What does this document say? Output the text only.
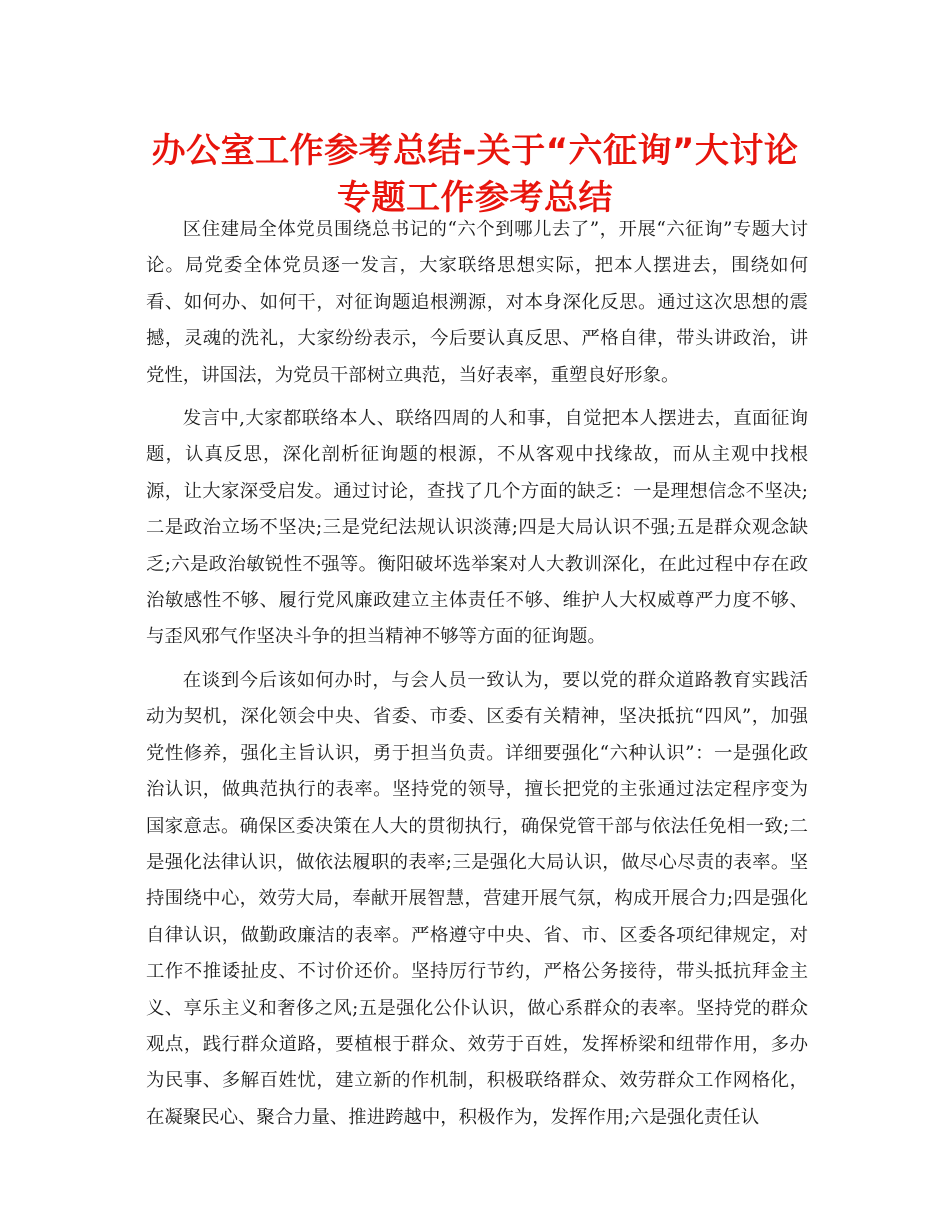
办公室工作参考总结-关于“六征询”大讨论专题工作参考总结

区住建局全体党员围绕总书记的“六个到哪儿去了”，开展“六征询”专题大讨论。局党委全体党员逐一发言，大家联络思想实际，把本人摆进去，围绕如何看、如何办、如何干，对征询题追根溯源，对本身深化反思。通过这次思想的震撼，灵魂的洗礼，大家纷纷表示，今后要认真反思、严格自律，带头讲政治，讲党性，讲国法，为党员干部树立典范，当好表率，重塑良好形象。

发言中,大家都联络本人、联络四周的人和事，自觉把本人摆进去，直面征询题，认真反思，深化剖析征询题的根源，不从客观中找缘故，而从主观中找根源，让大家深受启发。通过讨论，查找了几个方面的缺乏：一是理想信念不坚决;二是政治立场不坚决;三是党纪法规认识淡薄;四是大局认识不强;五是群众观念缺乏;六是政治敏锐性不强等。衡阳破坏选举案对人大教训深化，在此过程中存在政治敏感性不够、履行党风廉政建立主体责任不够、维护人大权威尊严力度不够、与歪风邪气作坚决斗争的担当精神不够等方面的征询题。

在谈到今后该如何办时，与会人员一致认为，要以党的群众道路教育实践活动为契机，深化领会中央、省委、市委、区委有关精神，坚决抵抗“四风”，加强党性修养，强化主旨认识，勇于担当负责。详细要强化“六种认识”：一是强化政治认识，做典范执行的表率。坚持党的领导，擅长把党的主张通过法定程序变为国家意志。确保区委决策在人大的贯彻执行，确保党管干部与依法任免相一致;二是强化法律认识，做依法履职的表率;三是强化大局认识，做尽心尽责的表率。坚持围绕中心，效劳大局，奉献开展智慧，营建开展气氛，构成开展合力;四是强化自律认识，做勤政廉洁的表率。严格遵守中央、省、市、区委各项纪律规定，对工作不推诿扯皮、不讨价还价。坚持厉行节约，严格公务接待，带头抵抗拜金主义、享乐主义和奢侈之风;五是强化公仆认识，做心系群众的表率。坚持党的群众观点，践行群众道路，要植根于群众、效劳于百姓，发挥桥梁和纽带作用，多办为民事、多解百姓忧，建立新的作机制，积极联络群众、效劳群众工作网格化，在凝聚民心、聚合力量、推进跨越中，积极作为，发挥作用;六是强化责任认
